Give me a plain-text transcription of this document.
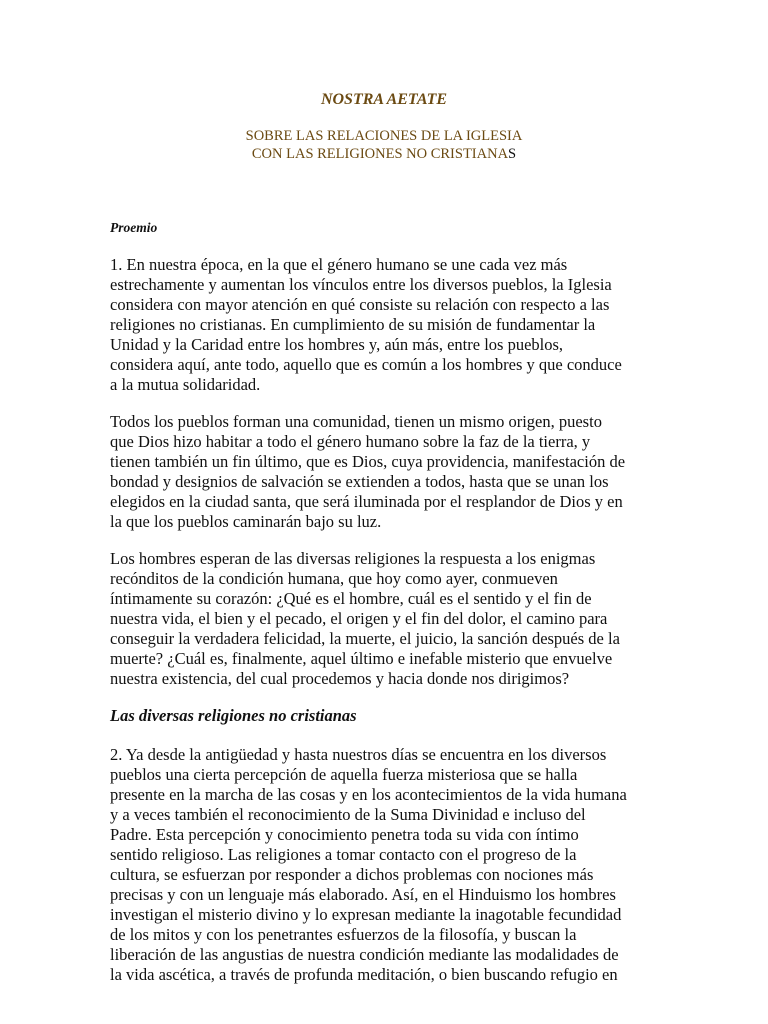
NOSTRA AETATE
SOBRE LAS RELACIONES DE LA IGLESIA
CON LAS RELIGIONES NO CRISTIANAS
Proemio
1. En nuestra época, en la que el género humano se une cada vez más
estrechamente y aumentan los vínculos entre los diversos pueblos, la Iglesia
considera con mayor atención en qué consiste su relación con respecto a las
religiones no cristianas. En cumplimiento de su misión de fundamentar la
Unidad y la Caridad entre los hombres y, aún más, entre los pueblos,
considera aquí, ante todo, aquello que es común a los hombres y que conduce
a la mutua solidaridad.
Todos los pueblos forman una comunidad, tienen un mismo origen, puesto
que Dios hizo habitar a todo el género humano sobre la faz de la tierra, y
tienen también un fin último, que es Dios, cuya providencia, manifestación de
bondad y designios de salvación se extienden a todos, hasta que se unan los
elegidos en la ciudad santa, que será iluminada por el resplandor de Dios y en
la que los pueblos caminarán bajo su luz.
Los hombres esperan de las diversas religiones la respuesta a los enigmas
recónditos de la condición humana, que hoy como ayer, conmueven
íntimamente su corazón: ¿Qué es el hombre, cuál es el sentido y el fin de
nuestra vida, el bien y el pecado, el origen y el fin del dolor, el camino para
conseguir la verdadera felicidad, la muerte, el juicio, la sanción después de la
muerte? ¿Cuál es, finalmente, aquel último e inefable misterio que envuelve
nuestra existencia, del cual procedemos y hacia donde nos dirigimos?
Las diversas religiones no cristianas
2. Ya desde la antigüedad y hasta nuestros días se encuentra en los diversos
pueblos una cierta percepción de aquella fuerza misteriosa que se halla
presente en la marcha de las cosas y en los acontecimientos de la vida humana
y a veces también el reconocimiento de la Suma Divinidad e incluso del
Padre. Esta percepción y conocimiento penetra toda su vida con íntimo
sentido religioso. Las religiones a tomar contacto con el progreso de la
cultura, se esfuerzan por responder a dichos problemas con nociones más
precisas y con un lenguaje más elaborado. Así, en el Hinduismo los hombres
investigan el misterio divino y lo expresan mediante la inagotable fecundidad
de los mitos y con los penetrantes esfuerzos de la filosofía, y buscan la
liberación de las angustias de nuestra condición mediante las modalidades de
la vida ascética, a través de profunda meditación, o bien buscando refugio en
